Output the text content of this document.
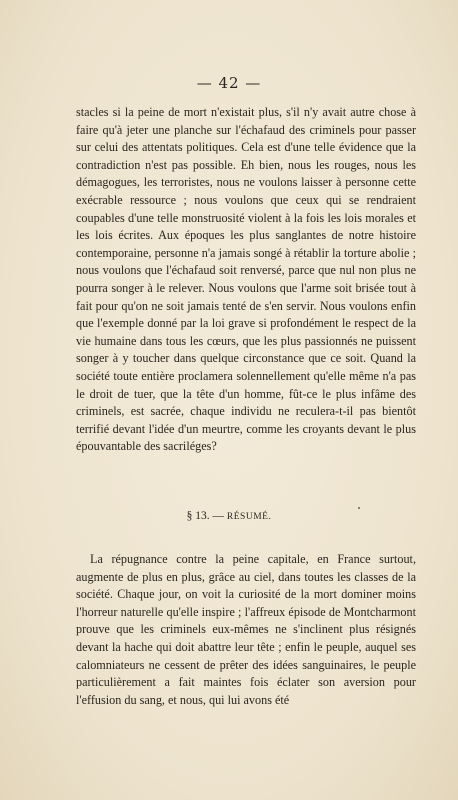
— 42 —
stacles si la peine de mort n'existait plus, s'il n'y avait autre chose à faire qu'à jeter une planche sur l'échafaud des criminels pour passer sur celui des attentats politiques. Cela est d'une telle évidence que la contradiction n'est pas possible. Eh bien, nous les rouges, nous les démagogues, les terroristes, nous ne voulons laisser à personne cette exécrable ressource ; nous voulons que ceux qui se rendraient coupables d'une telle monstruosité violent à la fois les lois morales et les lois écrites. Aux époques les plus sanglantes de notre histoire contemporaine, personne n'a jamais songé à rétablir la torture abolie ; nous voulons que l'échafaud soit renversé, parce que nul non plus ne pourra songer à le relever. Nous voulons que l'arme soit brisée tout à fait pour qu'on ne soit jamais tenté de s'en servir. Nous voulons enfin que l'exemple donné par la loi grave si profondément le respect de la vie humaine dans tous les cœurs, que les plus passionnés ne puissent songer à y toucher dans quelque circonstance que ce soit. Quand la société toute entière proclamera solennellement qu'elle même n'a pas le droit de tuer, que la tête d'un homme, fût-ce le plus infâme des criminels, est sacrée, chaque individu ne reculera-t-il pas bientôt terrifié devant l'idée d'un meurtre, comme les croyants devant le plus épouvantable des sacriléges?
§ 13. — RÉSUMÉ.
La répugnance contre la peine capitale, en France surtout, augmente de plus en plus, grâce au ciel, dans toutes les classes de la société. Chaque jour, on voit la curiosité de la mort dominer moins l'horreur naturelle qu'elle inspire ; l'affreux épisode de Montcharmont prouve que les criminels eux-mêmes ne s'inclinent plus résignés devant la hache qui doit abattre leur tête ; enfin le peuple, auquel ses calomniateurs ne cessent de prêter des idées sanguinaires, le peuple particulièrement a fait maintes fois éclater son aversion pour l'effusion du sang, et nous, qui lui avons été
